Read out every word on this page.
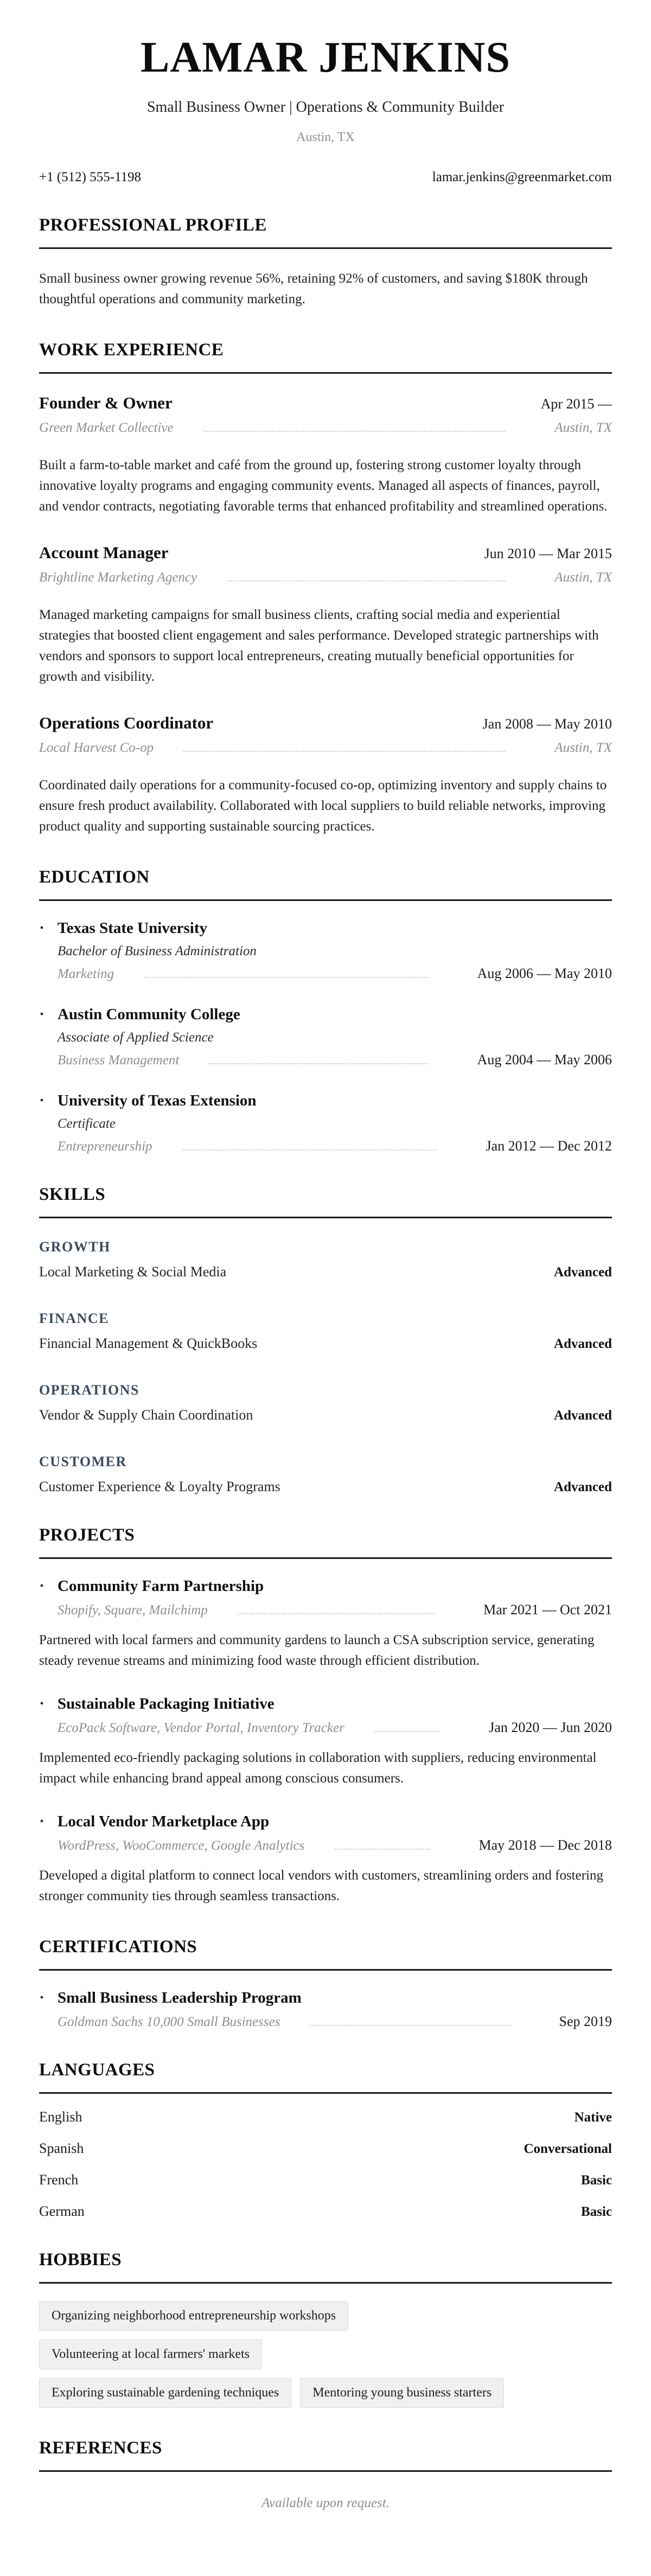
LAMAR JENKINS
Small Business Owner | Operations & Community Builder
Austin, TX
+1 (512) 555-1198	lamar.jenkins@greenmarket.com
PROFESSIONAL PROFILE

Small business owner growing revenue 56%, retaining 92% of customers, and saving $180K through thoughtful operations and community marketing.

WORK EXPERIENCE
Founder & Owner	Apr 2015 —
Green Market Collective	Austin, TX

Built a farm-to-table market and café from the ground up, fostering strong customer loyalty through innovative loyalty programs and engaging community events. Managed all aspects of finances, payroll, and vendor contracts, negotiating favorable terms that enhanced profitability and streamlined operations.

Account Manager	Jun 2010 — Mar 2015
Brightline Marketing Agency	Austin, TX

Managed marketing campaigns for small business clients, crafting social media and experiential strategies that boosted client engagement and sales performance. Developed strategic partnerships with vendors and sponsors to support local entrepreneurs, creating mutually beneficial opportunities for growth and visibility.

Operations Coordinator	Jan 2008 — May 2010
Local Harvest Co-op	Austin, TX

Coordinated daily operations for a community-focused co-op, optimizing inventory and supply chains to ensure fresh product availability. Collaborated with local suppliers to build reliable networks, improving product quality and supporting sustainable sourcing practices.

EDUCATION
· Texas State University
Bachelor of Business Administration
Marketing	Aug 2006 — May 2010
· Austin Community College
Associate of Applied Science
Business Management	Aug 2004 — May 2006
· University of Texas Extension
Certificate
Entrepreneurship	Jan 2012 — Dec 2012
SKILLS
GROWTH
Local Marketing & Social Media	Advanced
FINANCE
Financial Management & QuickBooks	Advanced
OPERATIONS
Vendor & Supply Chain Coordination	Advanced
CUSTOMER
Customer Experience & Loyalty Programs	Advanced
PROJECTS
· Community Farm Partnership
Shopify, Square, Mailchimp	Mar 2021 — Oct 2021

Partnered with local farmers and community gardens to launch a CSA subscription service, generating steady revenue streams and minimizing food waste through efficient distribution.

· Sustainable Packaging Initiative
EcoPack Software, Vendor Portal, Inventory Tracker	Jan 2020 — Jun 2020

Implemented eco-friendly packaging solutions in collaboration with suppliers, reducing environmental impact while enhancing brand appeal among conscious consumers.

· Local Vendor Marketplace App
WordPress, WooCommerce, Google Analytics	May 2018 — Dec 2018

Developed a digital platform to connect local vendors with customers, streamlining orders and fostering stronger community ties through seamless transactions.

CERTIFICATIONS
· Small Business Leadership Program
Goldman Sachs 10,000 Small Businesses	Sep 2019
LANGUAGES
English	Native
Spanish	Conversational
French	Basic
German	Basic
HOBBIES
Organizing neighborhood entrepreneurship workshops
Volunteering at local farmers' markets
Exploring sustainable gardening techniques	Mentoring young business starters
REFERENCES
Available upon request.
